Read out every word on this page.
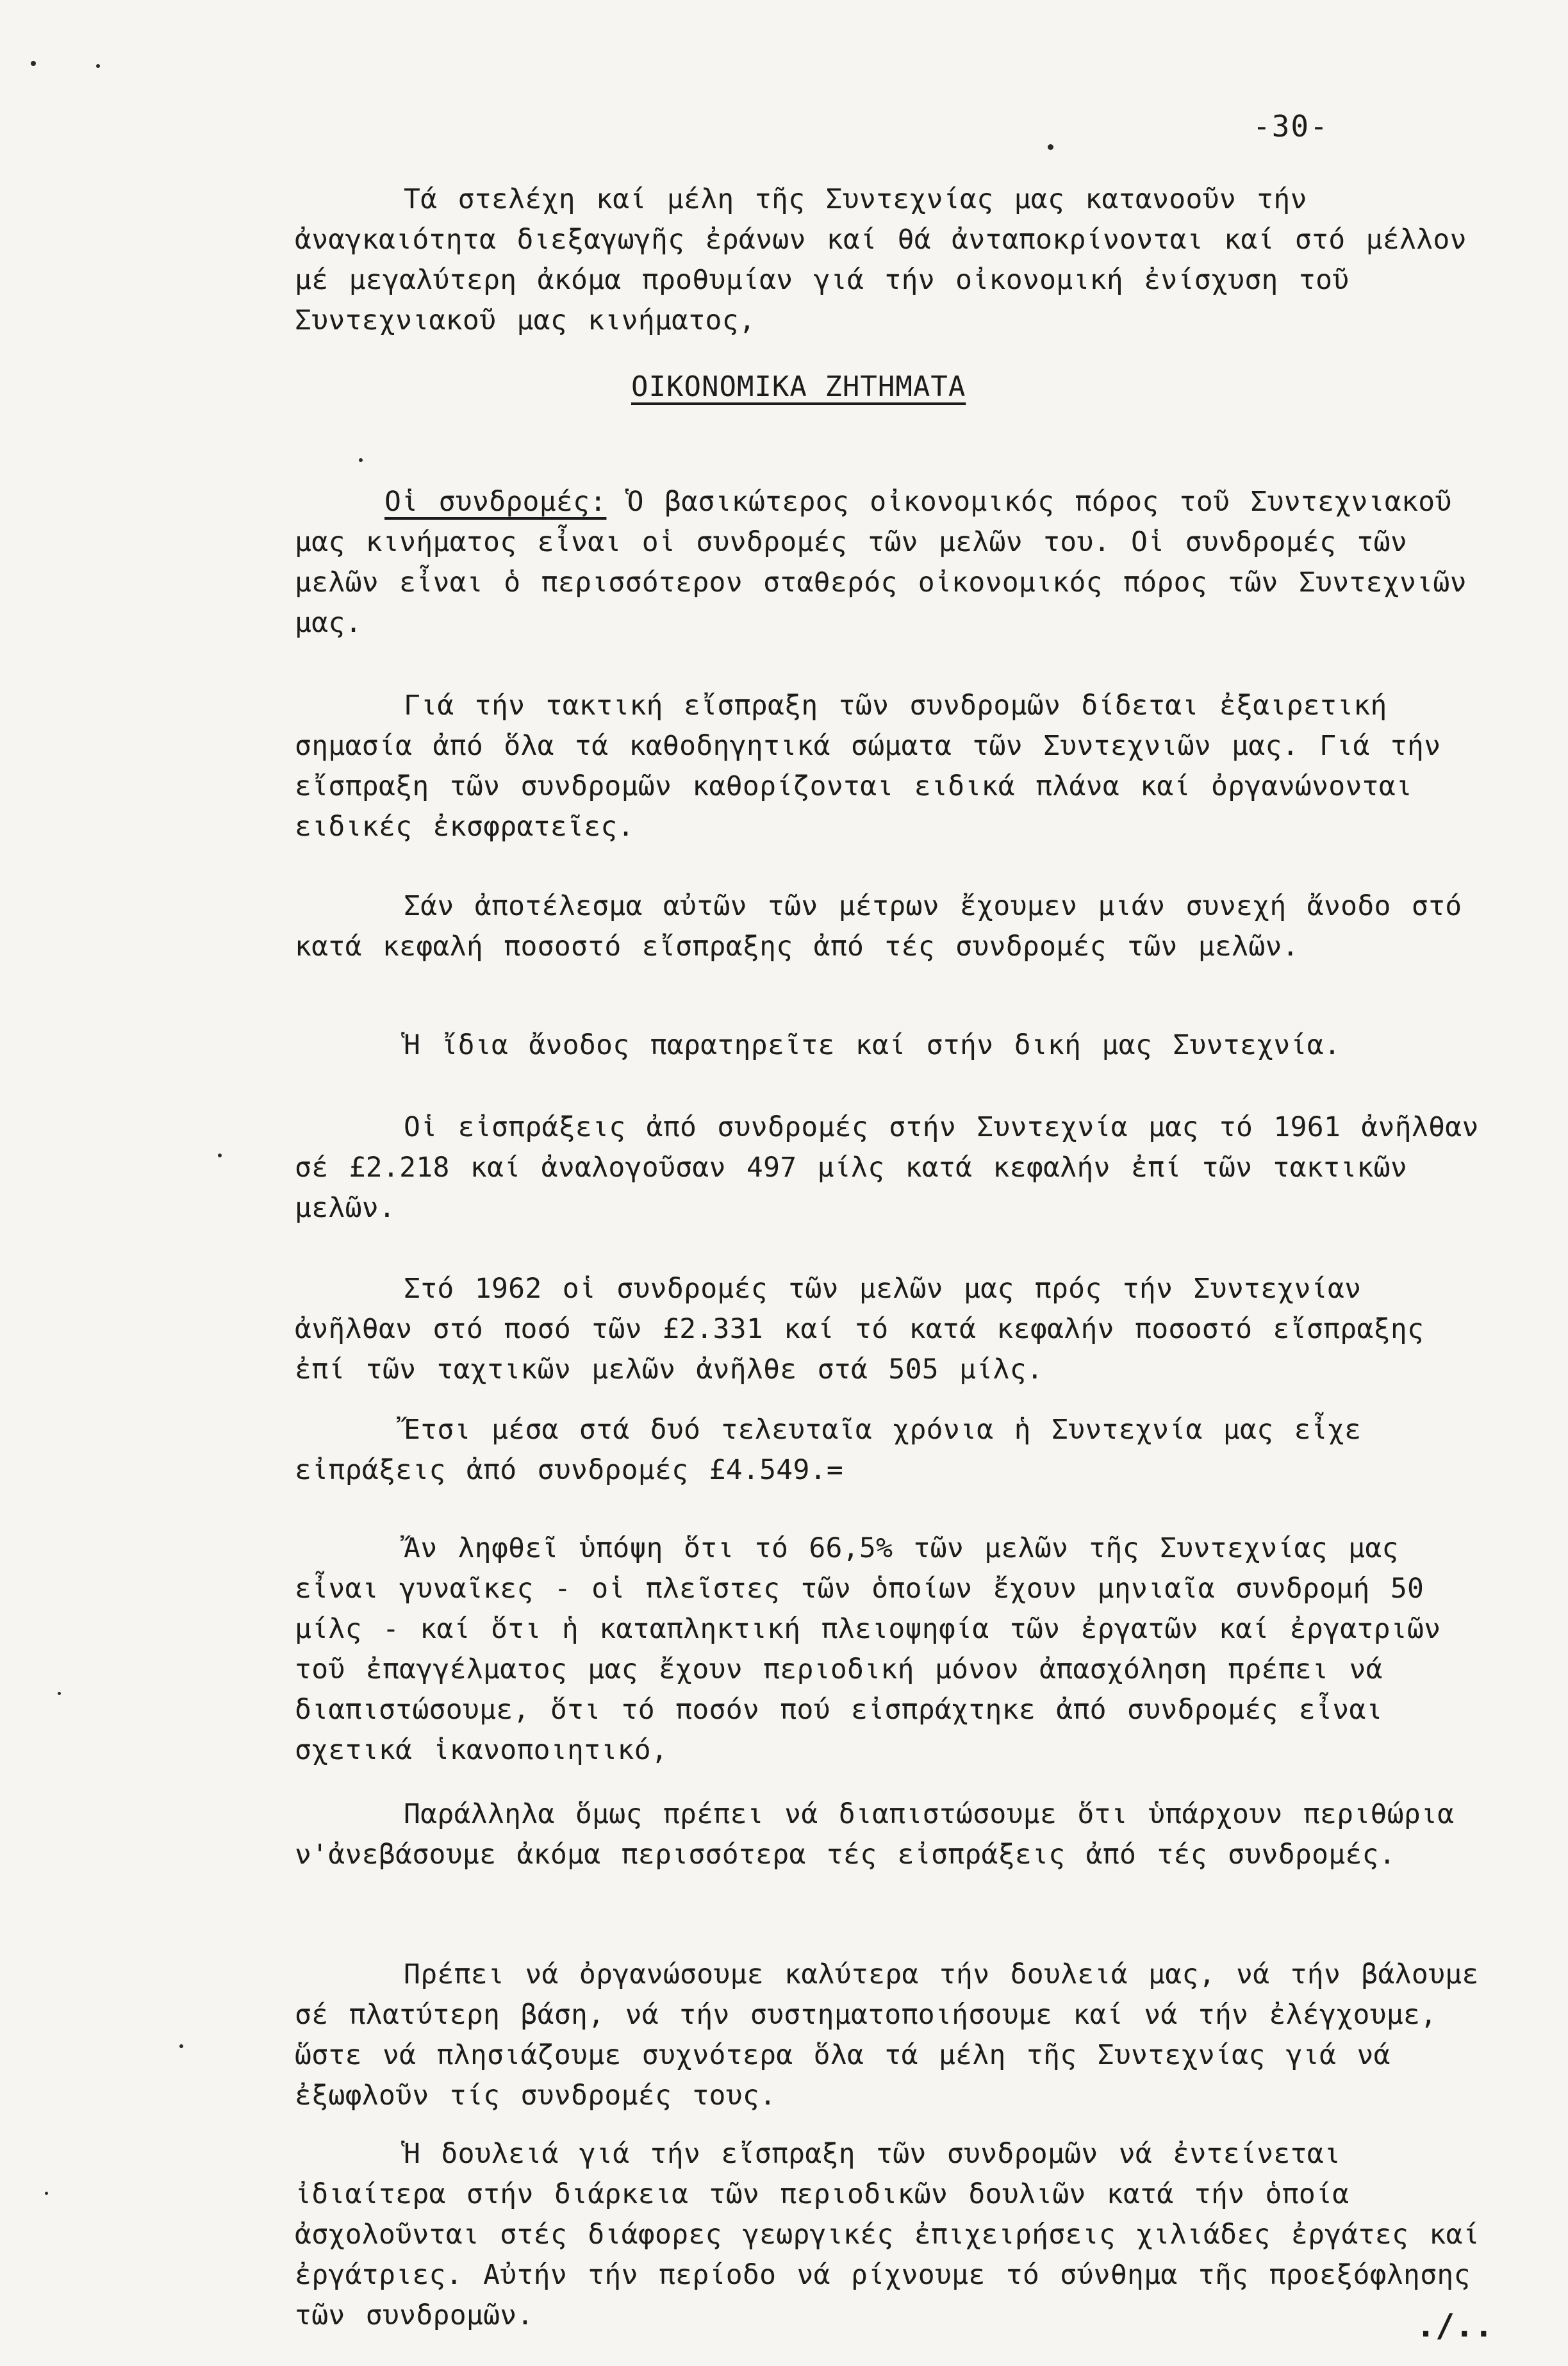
-30-

Τά στελέχη καί μέλη τῆς Συντεχνίας μας κατανοοῦν τήν ἀναγκαιότητα διεξαγωγῆς ἐράνων καί θά ἀνταποκρίνονται καί στό μέλλον μέ μεγαλύτερη ἀκόμα προθυμίαν γιά τήν οἰκονομική ἐνίσχυση τοῦ Συντεχνιακοῦ μας κινήματος,

OIKONOMIKA ZHTHMATA

Οἱ συνδρομές: Ὁ βασικώτερος οἰκονομικός πόρος τοῦ Συντεχνιακοῦ μας κινήματος εἶναι οἱ συνδρομές τῶν μελῶν του. Οἱ συνδρομές τῶν μελῶν εἶναι ὁ περισσότερον σταθερός οἰκονομικός πόρος τῶν Συντεχνιῶν μας.

Γιά τήν τακτική εἴσπραξη τῶν συνδρομῶν δίδεται ἐξαιρετική σημασία ἀπό ὅλα τά καθοδηγητικά σώματα τῶν Συντεχνιῶν μας. Γιά τήν εἴσπραξη τῶν συνδρομῶν καθορίζονται ειδικά πλάνα καί ὀργανώνονται ειδικές ἐκσφρατεῖες.

Σάν ἀποτέλεσμα αὐτῶν τῶν μέτρων ἔχουμεν μιάν συνεχή ἄνοδο στό κατά κεφαλή ποσοστό εἴσπραξης ἀπό τές συνδρομές τῶν μελῶν.

Ἡ ἴδια ἄνοδος παρατηρεῖτε καί στήν δική μας Συντεχνία.

Οἱ εἰσπράξεις ἀπό συνδρομές στήν Συντεχνία μας τό 1961 ἀνῆλθαν σέ £2.218 καί ἀναλογοῦσαν 497 μίλς κατά κεφαλήν ἐπί τῶν τακτικῶν μελῶν.

Στό 1962 οἱ συνδρομές τῶν μελῶν μας πρός τήν Συντεχνίαν ἀνῆλθαν στό ποσό τῶν £2.331 καί τό κατά κεφαλήν ποσοστό εἴσπραξης ἐπί τῶν ταχτικῶν μελῶν ἀνῆλθε στά 505 μίλς.

Ἔτσι μέσα στά δυό τελευταῖα χρόνια ἡ Συντεχνία μας εἶχε εἰπράξεις ἀπό συνδρομές £4.549.=

Ἄν ληφθεῖ ὑπόψη ὅτι τό 66,5% τῶν μελῶν τῆς Συντεχνίας μας εἶναι γυναῖκες - οἱ πλεῖστες τῶν ὁποίων ἔχουν μηνιαῖα συνδρομή 50 μίλς - καί ὅτι ἡ καταπληκτική πλειοψηφία τῶν ἐργατῶν καί ἐργατριῶν τοῦ ἐπαγγέλματος μας ἔχουν περιοδική μόνον ἀπασχόληση πρέπει νά διαπιστώσουμε, ὅτι τό ποσόν πού εἰσπράχτηκε ἀπό συνδρομές εἶναι σχετικά ἱκανοποιητικό,

Παράλληλα ὅμως πρέπει νά διαπιστώσουμε ὅτι ὑπάρχουν περιθώρια ν'ἀνεβάσουμε ἀκόμα περισσότερα τές εἰσπράξεις ἀπό τές συνδρομές.

Πρέπει νά ὀργανώσουμε καλύτερα τήν δουλειά μας, νά τήν βάλουμε σέ πλατύτερη βάση, νά τήν συστηματοποιήσουμε καί νά τήν ἐλέγχουμε, ὥστε νά πλησιάζουμε συχνότερα ὅλα τά μέλη τῆς Συντεχνίας γιά νά ἐξωφλοῦν τίς συνδρομές τους.

Ἡ δουλειά γιά τήν εἴσπραξη τῶν συνδρομῶν νά ἐντείνεται ἰδιαίτερα στήν διάρκεια τῶν περιοδικῶν δουλιῶν κατά τήν ὁποία ἀσχολοῦνται στές διάφορες γεωργικές ἐπιχειρήσεις χιλιάδες ἐργάτες καί ἐργάτριες. Αὐτήν τήν περίοδο νά ρίχνουμε τό σύνθημα τῆς προεξόφλησης τῶν συνδρομῶν.	./..
